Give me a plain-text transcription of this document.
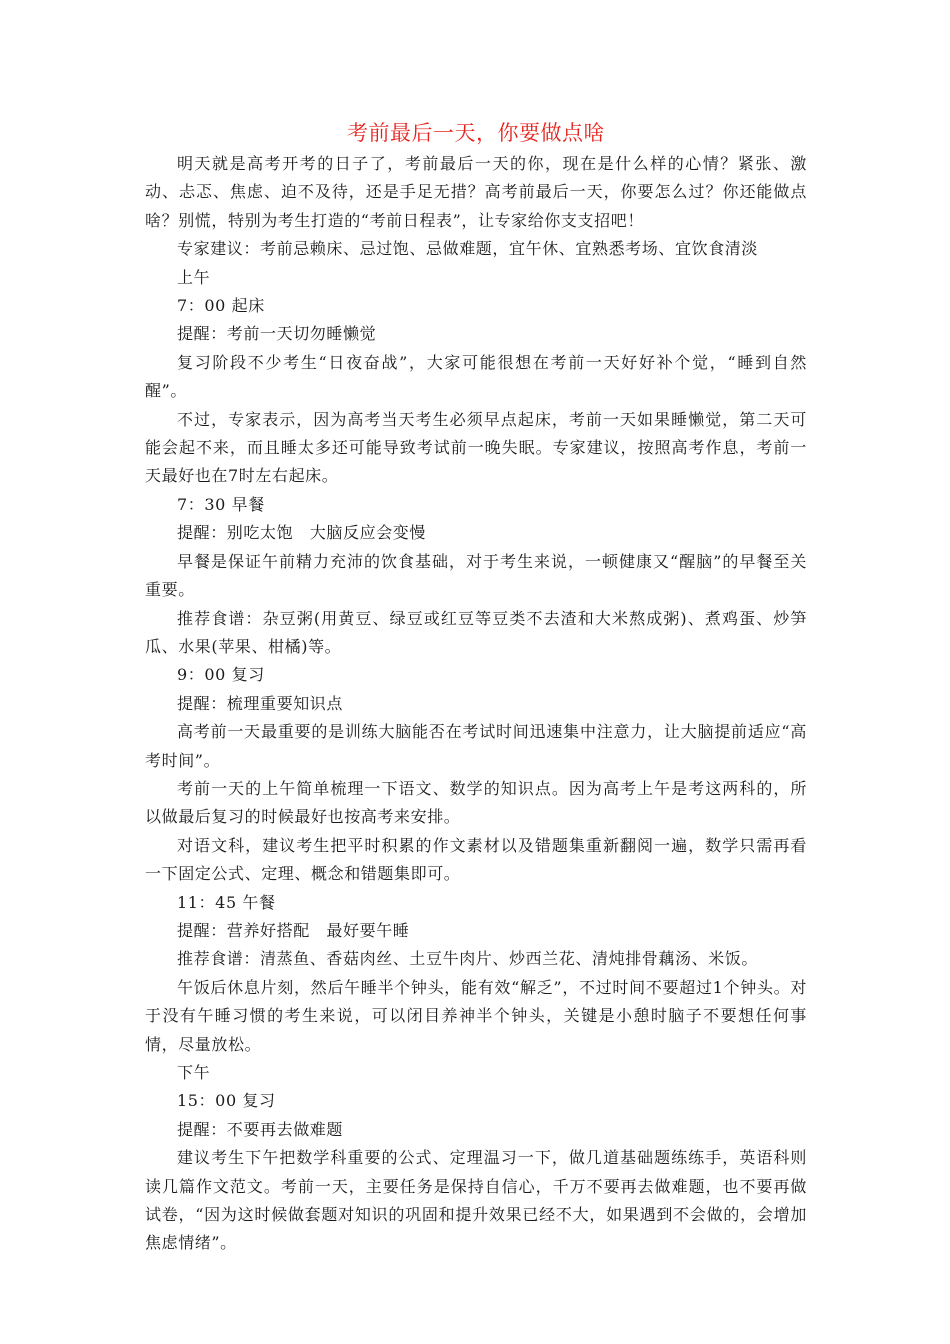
考前最后一天，你要做点啥

明天就是高考开考的日子了，考前最后一天的你，现在是什么样的心情？紧张、激动、忐忑、焦虑、迫不及待，还是手足无措？高考前最后一天，你要怎么过？你还能做点啥？别慌，特别为考生打造的“考前日程表”，让专家给你支支招吧！

专家建议：考前忌赖床、忌过饱、忌做难题，宜午休、宜熟悉考场、宜饮食清淡

上午

7：00 起床

提醒：考前一天切勿睡懒觉

复习阶段不少考生“日夜奋战”，大家可能很想在考前一天好好补个觉，“睡到自然醒”。

不过，专家表示，因为高考当天考生必须早点起床，考前一天如果睡懒觉，第二天可能会起不来，而且睡太多还可能导致考试前一晚失眠。专家建议，按照高考作息，考前一天最好也在7时左右起床。

7：30 早餐

提醒：别吃太饱　大脑反应会变慢

早餐是保证午前精力充沛的饮食基础，对于考生来说，一顿健康又“醒脑”的早餐至关重要。

推荐食谱：杂豆粥(用黄豆、绿豆或红豆等豆类不去渣和大米熬成粥)、煮鸡蛋、炒笋瓜、水果(苹果、柑橘)等。

9：00 复习

提醒：梳理重要知识点

高考前一天最重要的是训练大脑能否在考试时间迅速集中注意力，让大脑提前适应“高考时间”。

考前一天的上午简单梳理一下语文、数学的知识点。因为高考上午是考这两科的，所以做最后复习的时候最好也按高考来安排。

对语文科，建议考生把平时积累的作文素材以及错题集重新翻阅一遍，数学只需再看一下固定公式、定理、概念和错题集即可。

11：45 午餐

提醒：营养好搭配　最好要午睡

推荐食谱：清蒸鱼、香菇肉丝、土豆牛肉片、炒西兰花、清炖排骨藕汤、米饭。

午饭后休息片刻，然后午睡半个钟头，能有效“解乏”，不过时间不要超过1个钟头。对于没有午睡习惯的考生来说，可以闭目养神半个钟头，关键是小憩时脑子不要想任何事情，尽量放松。

下午

15：00 复习

提醒：不要再去做难题

建议考生下午把数学科重要的公式、定理温习一下，做几道基础题练练手，英语科则读几篇作文范文。考前一天，主要任务是保持自信心，千万不要再去做难题，也不要再做试卷，“因为这时候做套题对知识的巩固和提升效果已经不大，如果遇到不会做的，会增加焦虑情绪”。
